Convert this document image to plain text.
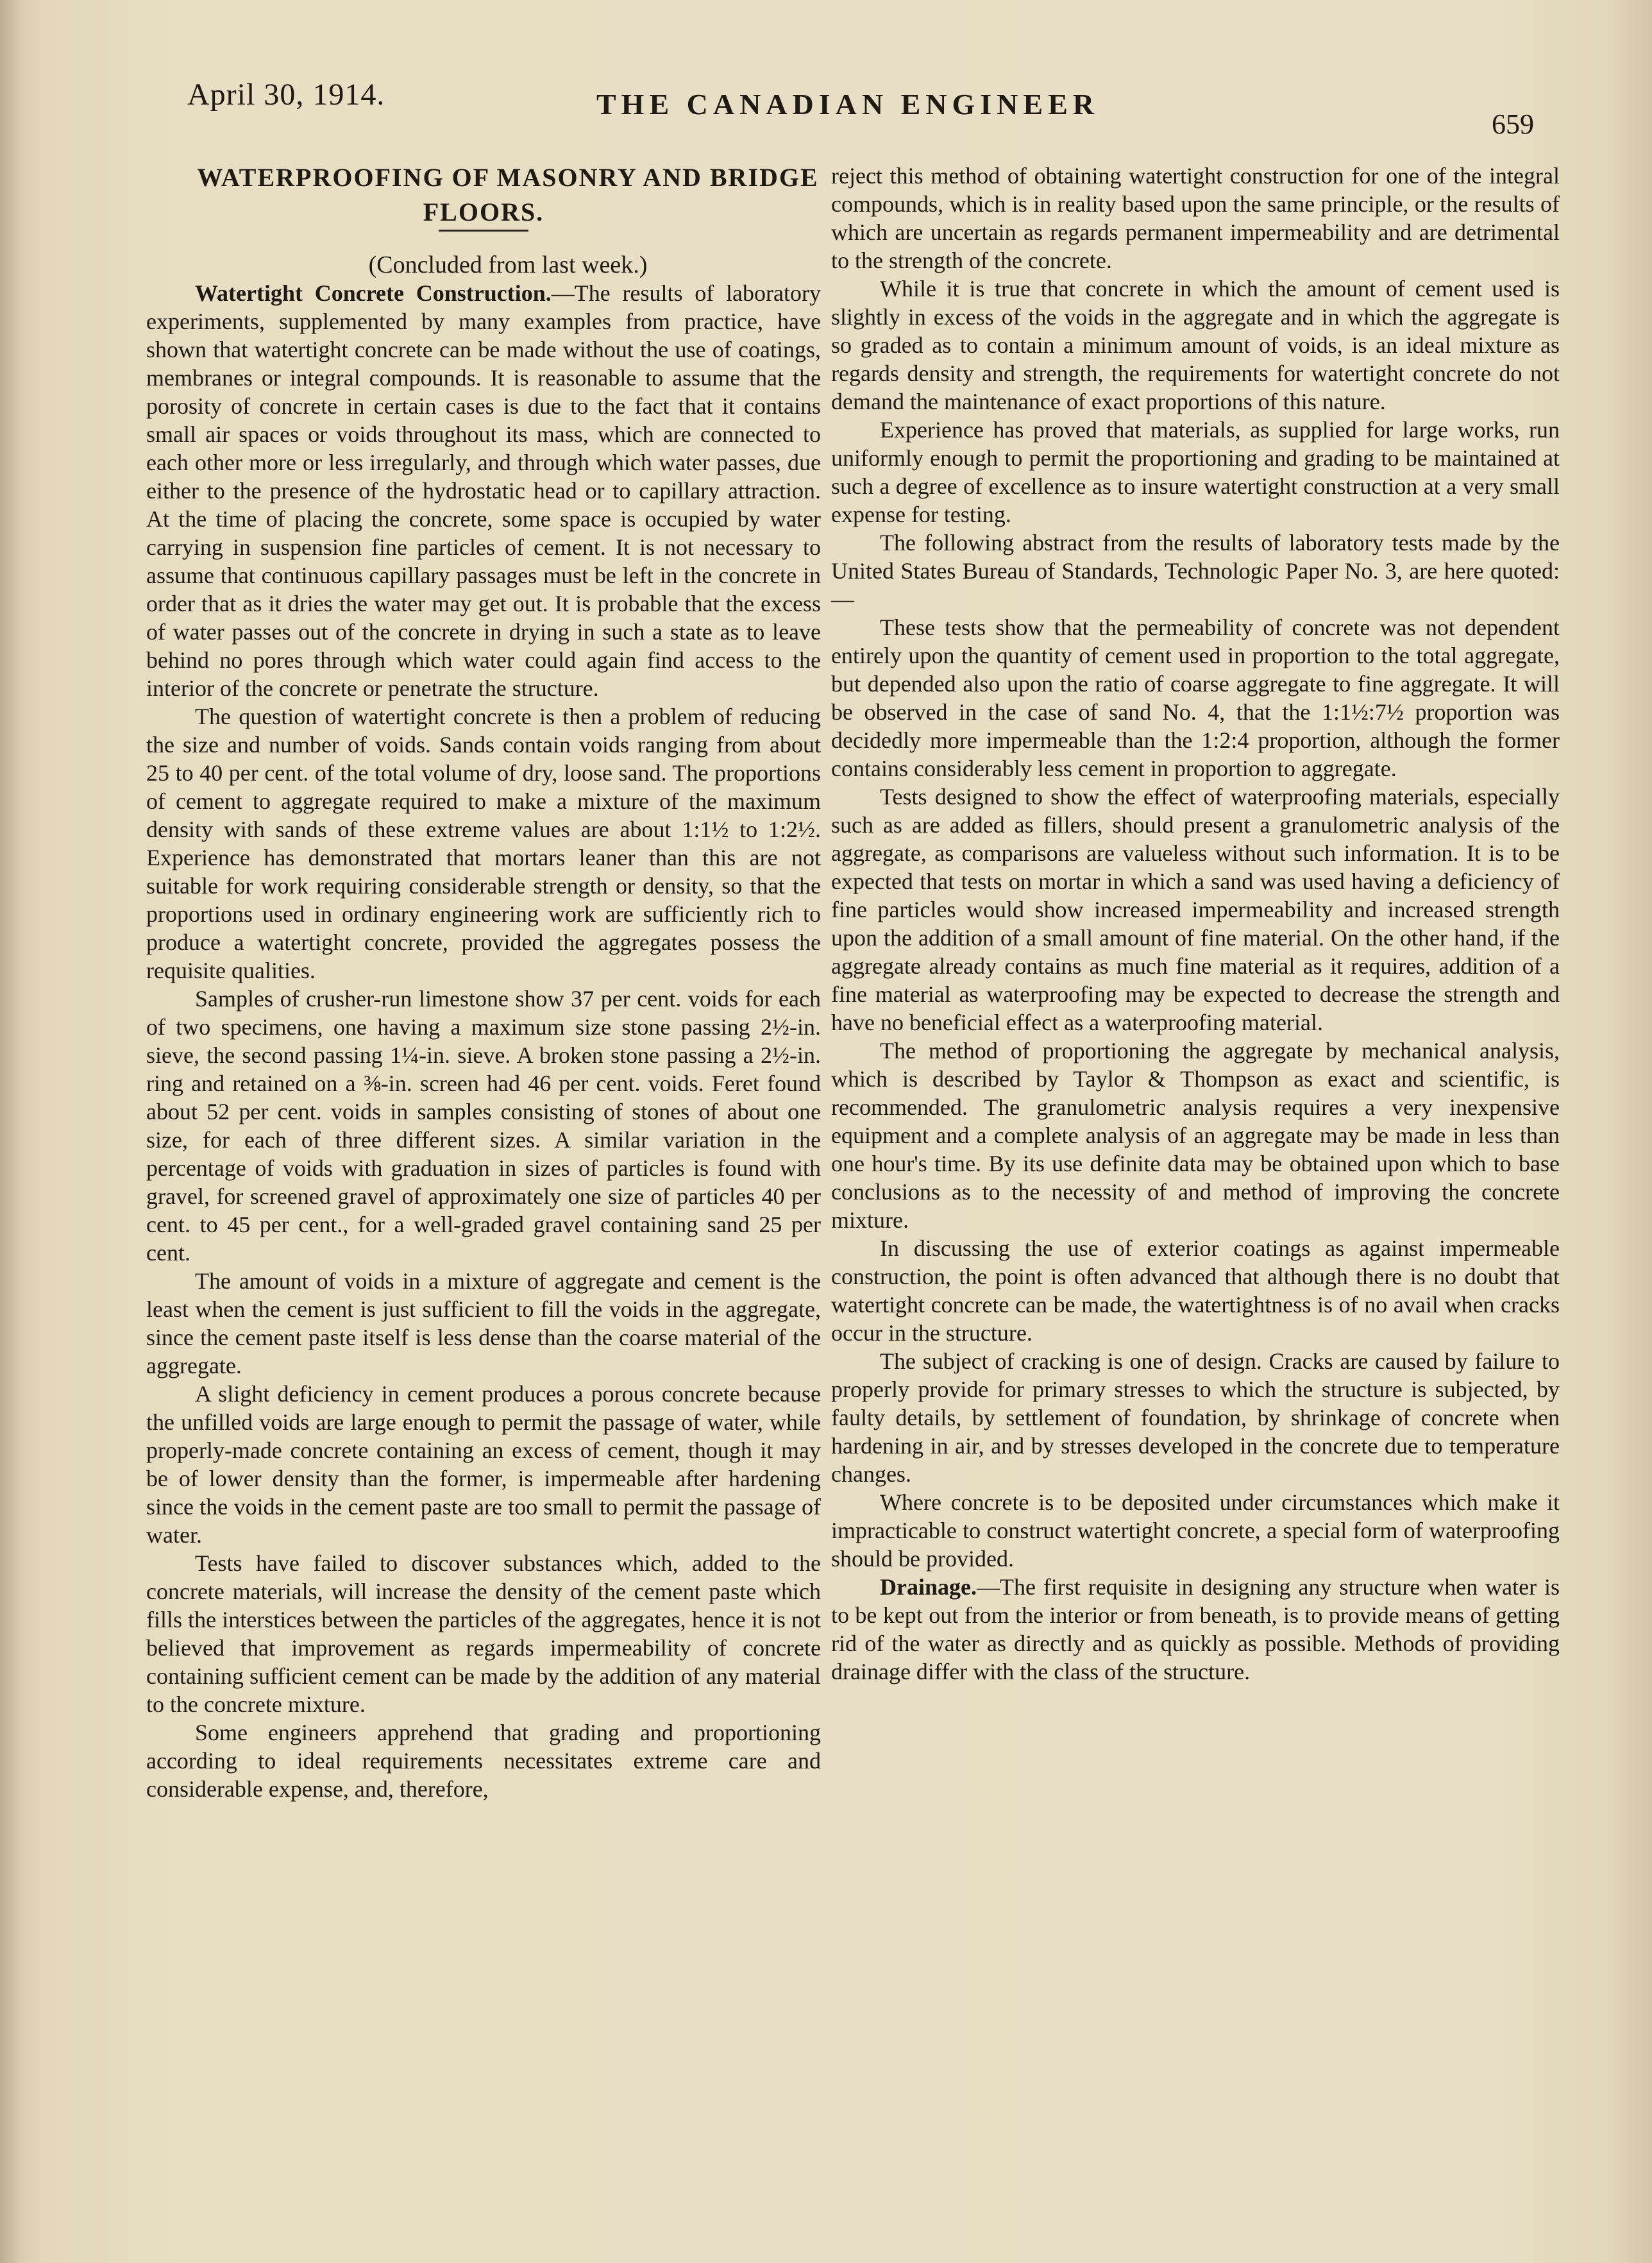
April 30, 1914.	THE CANADIAN ENGINEER
659

WATERPROOFING OF MASONRY AND BRIDGE FLOORS.

(Concluded from last week.)

Watertight Concrete Construction.—The results of laboratory experiments, supplemented by many examples from practice, have shown that watertight concrete can be made without the use of coatings, membranes or integral compounds. It is reasonable to assume that the porosity of concrete in certain cases is due to the fact that it contains small air spaces or voids throughout its mass, which are connected to each other more or less irregularly, and through which water passes, due either to the presence of the hydrostatic head or to capillary attraction. At the time of placing the concrete, some space is occupied by water carrying in suspension fine particles of cement. It is not necessary to assume that continuous capillary passages must be left in the concrete in order that as it dries the water may get out. It is probable that the excess of water passes out of the concrete in drying in such a state as to leave behind no pores through which water could again find access to the interior of the concrete or penetrate the structure.

The question of watertight concrete is then a problem of reducing the size and number of voids. Sands contain voids ranging from about 25 to 40 per cent. of the total volume of dry, loose sand. The proportions of cement to aggregate required to make a mixture of the maximum density with sands of these extreme values are about 1:1½ to 1:2½. Experience has demonstrated that mortars leaner than this are not suitable for work requiring considerable strength or density, so that the proportions used in ordinary engineering work are sufficiently rich to produce a watertight concrete, provided the aggregates possess the requisite qualities.

Samples of crusher-run limestone show 37 per cent. voids for each of two specimens, one having a maximum size stone passing 2½-in. sieve, the second passing 1¼-in. sieve. A broken stone passing a 2½-in. ring and retained on a ⅜-in. screen had 46 per cent. voids. Feret found about 52 per cent. voids in samples consisting of stones of about one size, for each of three different sizes. A similar variation in the percentage of voids with graduation in sizes of particles is found with gravel, for screened gravel of approximately one size of particles 40 per cent. to 45 per cent., for a well-graded gravel containing sand 25 per cent.

The amount of voids in a mixture of aggregate and cement is the least when the cement is just sufficient to fill the voids in the aggregate, since the cement paste itself is less dense than the coarse material of the aggregate.

A slight deficiency in cement produces a porous concrete because the unfilled voids are large enough to permit the passage of water, while properly-made concrete containing an excess of cement, though it may be of lower density than the former, is impermeable after hardening since the voids in the cement paste are too small to permit the passage of water.

Tests have failed to discover substances which, added to the concrete materials, will increase the density of the cement paste which fills the interstices between the particles of the aggregates, hence it is not believed that improvement as regards impermeability of concrete containing sufficient cement can be made by the addition of any material to the concrete mixture.

Some engineers apprehend that grading and proportioning according to ideal requirements necessitates extreme care and considerable expense, and, therefore,

reject this method of obtaining watertight construction for one of the integral compounds, which is in reality based upon the same principle, or the results of which are uncertain as regards permanent impermeability and are detrimental to the strength of the concrete.

While it is true that concrete in which the amount of cement used is slightly in excess of the voids in the aggregate and in which the aggregate is so graded as to contain a minimum amount of voids, is an ideal mixture as regards density and strength, the requirements for watertight concrete do not demand the maintenance of exact proportions of this nature.

Experience has proved that materials, as supplied for large works, run uniformly enough to permit the proportioning and grading to be maintained at such a degree of excellence as to insure watertight construction at a very small expense for testing.

The following abstract from the results of laboratory tests made by the United States Bureau of Standards, Technologic Paper No. 3, are here quoted:—

These tests show that the permeability of concrete was not dependent entirely upon the quantity of cement used in proportion to the total aggregate, but depended also upon the ratio of coarse aggregate to fine aggregate. It will be observed in the case of sand No. 4, that the 1:1½:7½ proportion was decidedly more impermeable than the 1:2:4 proportion, although the former contains considerably less cement in proportion to aggregate.

Tests designed to show the effect of waterproofing materials, especially such as are added as fillers, should present a granulometric analysis of the aggregate, as comparisons are valueless without such information. It is to be expected that tests on mortar in which a sand was used having a deficiency of fine particles would show increased impermeability and increased strength upon the addition of a small amount of fine material. On the other hand, if the aggregate already contains as much fine material as it requires, addition of a fine material as waterproofing may be expected to decrease the strength and have no beneficial effect as a waterproofing material.

The method of proportioning the aggregate by mechanical analysis, which is described by Taylor & Thompson as exact and scientific, is recommended. The granulometric analysis requires a very inexpensive equipment and a complete analysis of an aggregate may be made in less than one hour's time. By its use definite data may be obtained upon which to base conclusions as to the necessity of and method of improving the concrete mixture.

In discussing the use of exterior coatings as against impermeable construction, the point is often advanced that although there is no doubt that watertight concrete can be made, the watertightness is of no avail when cracks occur in the structure.

The subject of cracking is one of design. Cracks are caused by failure to properly provide for primary stresses to which the structure is subjected, by faulty details, by settlement of foundation, by shrinkage of concrete when hardening in air, and by stresses developed in the concrete due to temperature changes.

Where concrete is to be deposited under circumstances which make it impracticable to construct watertight concrete, a special form of waterproofing should be provided.

Drainage.—The first requisite in designing any structure when water is to be kept out from the interior or from beneath, is to provide means of getting rid of the water as directly and as quickly as possible. Methods of providing drainage differ with the class of the structure.
